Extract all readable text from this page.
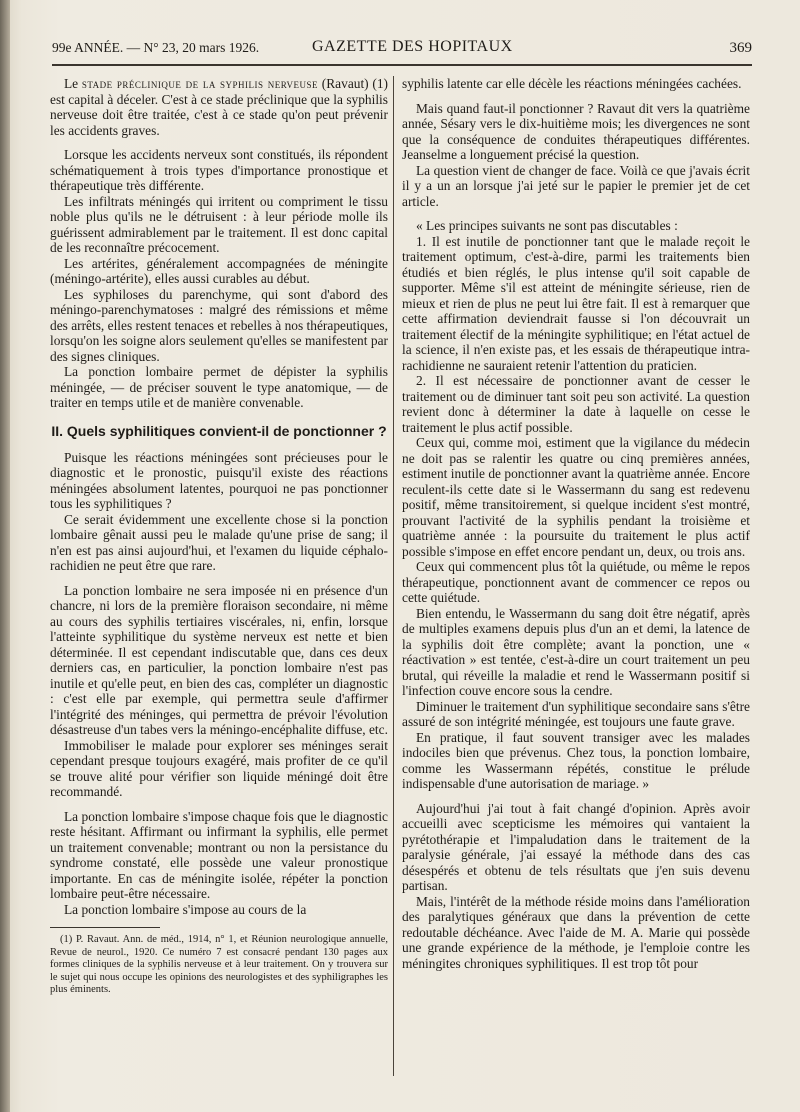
99e ANNÉE. — N° 23, 20 mars 1926.	GAZETTE DES HOPITAUX	369

Le stade préclinique de la syphilis nerveuse (Ravaut) (1) est capital à déceler. C'est à ce stade préclinique que la syphilis nerveuse doit être traitée, c'est à ce stade qu'on peut prévenir les accidents graves.

Lorsque les accidents nerveux sont constitués, ils répondent schématiquement à trois types d'importance pronostique et thérapeutique très différente.

Les infiltrats méningés qui irritent ou compriment le tissu noble plus qu'ils ne le détruisent : à leur période molle ils guérissent admirablement par le traitement. Il est donc capital de les reconnaître précocement.

Les artérites, généralement accompagnées de méningite (méningo-artérite), elles aussi curables au début.

Les syphiloses du parenchyme, qui sont d'abord des méningo-parenchymatoses : malgré des rémissions et même des arrêts, elles restent tenaces et rebelles à nos thérapeutiques, lorsqu'on les soigne alors seulement qu'elles se manifestent par des signes cliniques.

La ponction lombaire permet de dépister la syphilis méningée, — de préciser souvent le type anatomique, — de traiter en temps utile et de manière convenable.

II. Quels syphilitiques convient-il de ponctionner ?

Puisque les réactions méningées sont précieuses pour le diagnostic et le pronostic, puisqu'il existe des réactions méningées absolument latentes, pourquoi ne pas ponctionner tous les syphilitiques ?

Ce serait évidemment une excellente chose si la ponction lombaire gênait aussi peu le malade qu'une prise de sang; il n'en est pas ainsi aujourd'hui, et l'examen du liquide céphalo-rachidien ne peut être que rare.

La ponction lombaire ne sera imposée ni en présence d'un chancre, ni lors de la première floraison secondaire, ni même au cours des syphilis tertiaires viscérales, ni, enfin, lorsque l'atteinte syphilitique du système nerveux est nette et bien déterminée. Il est cependant indiscutable que, dans ces deux derniers cas, en particulier, la ponction lombaire n'est pas inutile et qu'elle peut, en bien des cas, compléter un diagnostic : c'est elle par exemple, qui permettra seule d'affirmer l'intégrité des méninges, qui permettra de prévoir l'évolution désastreuse d'un tabes vers la méningo-encéphalite diffuse, etc.

Immobiliser le malade pour explorer ses méninges serait cependant presque toujours exagéré, mais profiter de ce qu'il se trouve alité pour vérifier son liquide méningé doit être recommandé.

La ponction lombaire s'impose chaque fois que le diagnostic reste hésitant. Affirmant ou infirmant la syphilis, elle permet un traitement convenable; montrant ou non la persistance du syndrome constaté, elle possède une valeur pronostique importante. En cas de méningite isolée, répéter la ponction lombaire peut-être nécessaire.

La ponction lombaire s'impose au cours de la

(1) P. Ravaut. Ann. de méd., 1914, n° 1, et Réunion neurologique annuelle, Revue de neurol., 1920. Ce numéro 7 est consacré pendant 130 pages aux formes cliniques de la syphilis nerveuse et à leur traitement. On y trouvera sur le sujet qui nous occupe les opinions des neurologistes et des syphiligraphes les plus éminents.

syphilis latente car elle décèle les réactions méningées cachées.

Mais quand faut-il ponctionner ? Ravaut dit vers la quatrième année, Sésary vers le dix-huitième mois; les divergences ne sont que la conséquence de conduites thérapeutiques différentes. Jeanselme a longuement précisé la question.

La question vient de changer de face. Voilà ce que j'avais écrit il y a un an lorsque j'ai jeté sur le papier le premier jet de cet article.

« Les principes suivants ne sont pas discutables :

1. Il est inutile de ponctionner tant que le malade reçoit le traitement optimum, c'est-à-dire, parmi les traitements bien étudiés et bien réglés, le plus intense qu'il soit capable de supporter. Même s'il est atteint de méningite sérieuse, rien de mieux et rien de plus ne peut lui être fait. Il est à remarquer que cette affirmation deviendrait fausse si l'on découvrait un traitement électif de la méningite syphilitique; en l'état actuel de la science, il n'en existe pas, et les essais de thérapeutique intra-rachidienne ne sauraient retenir l'attention du praticien.

2. Il est nécessaire de ponctionner avant de cesser le traitement ou de diminuer tant soit peu son activité. La question revient donc à déterminer la date à laquelle on cesse le traitement le plus actif possible.

Ceux qui, comme moi, estiment que la vigilance du médecin ne doit pas se ralentir les quatre ou cinq premières années, estiment inutile de ponctionner avant la quatrième année. Encore reculent-ils cette date si le Wassermann du sang est redevenu positif, même transitoirement, si quelque incident s'est montré, prouvant l'activité de la syphilis pendant la troisième et quatrième année : la poursuite du traitement le plus actif possible s'impose en effet encore pendant un, deux, ou trois ans.

Ceux qui commencent plus tôt la quiétude, ou même le repos thérapeutique, ponctionnent avant de commencer ce repos ou cette quiétude.

Bien entendu, le Wassermann du sang doit être négatif, après de multiples examens depuis plus d'un an et demi, la latence de la syphilis doit être complète; avant la ponction, une « réactivation » est tentée, c'est-à-dire un court traitement un peu brutal, qui réveille la maladie et rend le Wassermann positif si l'infection couve encore sous la cendre.

Diminuer le traitement d'un syphilitique secondaire sans s'être assuré de son intégrité méningée, est toujours une faute grave.

En pratique, il faut souvent transiger avec les malades indociles bien que prévenus. Chez tous, la ponction lombaire, comme les Wassermann répétés, constitue le prélude indispensable d'une autorisation de mariage. »

Aujourd'hui j'ai tout à fait changé d'opinion. Après avoir accueilli avec scepticisme les mémoires qui vantaient la pyrétothérapie et l'impaludation dans le traitement de la paralysie générale, j'ai essayé la méthode dans des cas désespérés et obtenu de tels résultats que j'en suis devenu partisan.

Mais, l'intérêt de la méthode réside moins dans l'amélioration des paralytiques généraux que dans la prévention de cette redoutable déchéance. Avec l'aide de M. A. Marie qui possède une grande expérience de la méthode, je l'emploie contre les méningites chroniques syphilitiques. Il est trop tôt pour
